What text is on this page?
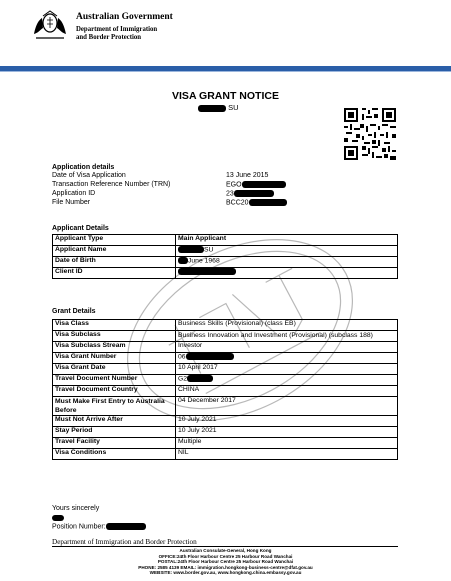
Australian Government
Department of Immigration
and Border Protection
VISA GRANT NOTICE
SU
Application details
Date of Visa Application	13 June 2015
Transaction Reference Number (TRN)	EGO
Application ID	23
File Number	BCC20
Applicant Details
Applicant Type	Main Applicant
Applicant Name	SU
Date of Birth	June 1968
Client ID	
Grant Details
Visa Class	Business Skills (Provisional) (class EB)
Visa Subclass	Business Innovation and Investment (Provisional) (subclass 188)
Visa Subclass Stream	Investor
Visa Grant Number	06
Visa Grant Date	10 April 2017
Travel Document Number	G2
Travel Document Country	CHINA
Must Make First Entry to Australia Before	04 December 2017
Must Not Arrive After	10 July 2021
Stay Period	10 July 2021
Travel Facility	Multiple
Visa Conditions	NIL
Yours sincerely
Position Number:
Department of Immigration and Border Protection
Australian Consulate-General, Hong Kong
OFFICE:24th Floor Harbour Centre 25 Harbour Road Wanchai
POSTAL:24th Floor Harbour Centre 25 Harbour Road Wanchai
PHONE: 2585 4139 EMAIL: immigration.hongkong-business-centre@dfat.gov.au
WEBSITE: www.border.gov.au, www.hongkong.china.embassy.gov.au
